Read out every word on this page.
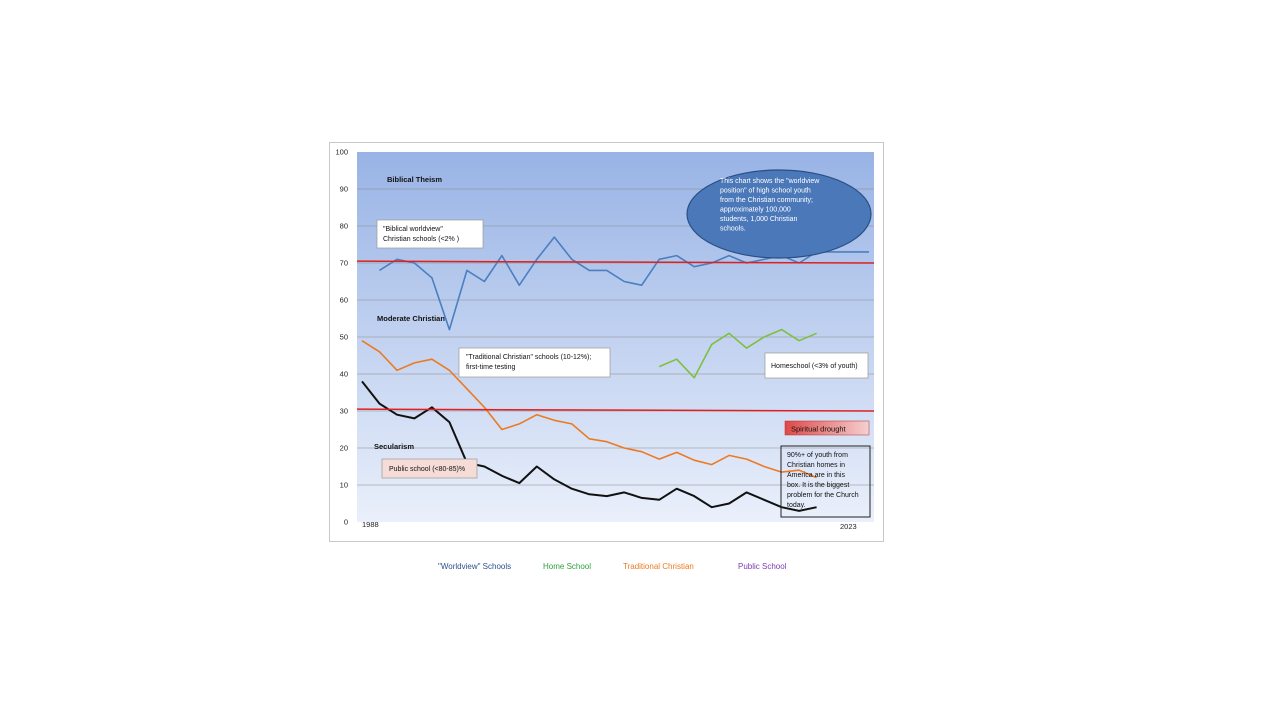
0
10
20
30
40
50
60
70
80
90
100
1988	2023
Biblical Theism
Moderate Christian
Secularism
"Biblical worldview"
Christian schools (<2% )
"Traditional Christian" schools (10-12%);
first-time testing	Homeschool (<3% of youth)
Public school (<80-85)%
Spiritual drought
90%+ of youth from Christian homes in America are in this box. It is the biggest problem for the Church today.
This chart shows the "worldview position" of high school youth from the Christian community; approximately 100,000 students, 1,000 Christian schools.
"Worldview" Schools	Home School	Traditional Christian	Public School
